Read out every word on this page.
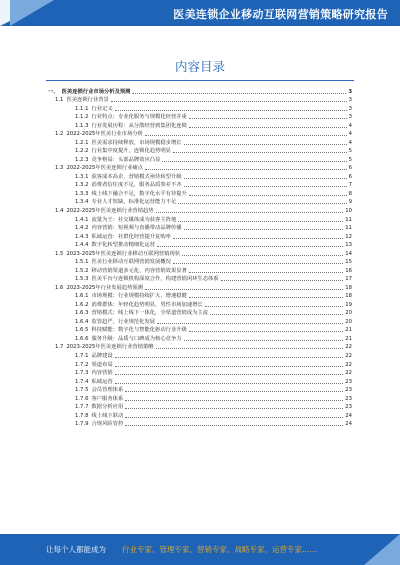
医美连锁企业移动互联网营销策略研究报告
内容目录
一、 医美连锁行业市场分析及预测	3
1.1 医美连锁行业背景	3
1.1.1 行业定义	3
1.1.2 行业特点：专业化服务与规模化经营并重	3
1.1.3 行业发展历程：从分散经营到集团化连锁	4
1.2 2022-2025年医美行业市场分析	4
1.2.1 医美需求持续释放，市场规模稳步增长	4
1.2.2 行业集中度提升，连锁化趋势明显	5
1.2.3 竞争格局：头部品牌效应凸显	5
1.3 2022-2025年医美连锁行业痛点	6
1.3.1 获客成本高企，营销模式亟待转型升级	6
1.3.2 消费者信任度不足，服务品质参差不齐	7
1.3.3 线上线下融合不足，数字化水平有待提升	8
1.3.4 专业人才短缺，标准化运营能力不足	9
1.4 2022-2025年医美连锁行业营销趋势	10
1.4.1 流量为王：社交媒体成为获客主阵地	11
1.4.2 内容营销：短视频与直播带动品牌传播	11
1.4.3 私域运营：社群化经营提升复购率	12
1.4.4 数字化转型推动精细化运营	13
1.5 2023-2025年医美连锁行业移动互联网营销现状	14
1.5.1 医美行业移动互联网营销发展概况	15
1.5.2 移动营销渠道多元化，内容营销效果显著	16
1.5.3 医美平台与连锁机构深度合作，构建营销闭环生态体系	17
1.6 2023-2025年行业发展趋势预测	18
1.6.1 市场规模：行业规模持续扩大，增速稳健	18
1.6.2 消费群体：年轻化趋势明显，男性市场加速增长	19
1.6.3 营销模式：线上线下一体化，全渠道营销成为主流	20
1.6.4 监管趋严，行业规范化发展	20
1.6.5 科技赋能：数字化与智能化驱动行业升级	21
1.6.6 服务升级：品质与口碑成为核心竞争力	21
1.7 2023-2025年医美连锁行业营销策略	22
1.7.1 品牌建设	22
1.7.2 渠道布局	22
1.7.3 内容营销	22
1.7.4 私域运营	23
1.7.5 会员管理体系	23
1.7.6 客户服务体系	23
1.7.7 数据分析应用	23
1.7.8 线上线下联动	24
1.7.9 合规风险管控	24
让每个人都能成为 行业专家、管理专家、营销专家、战略专家、运营专家……
